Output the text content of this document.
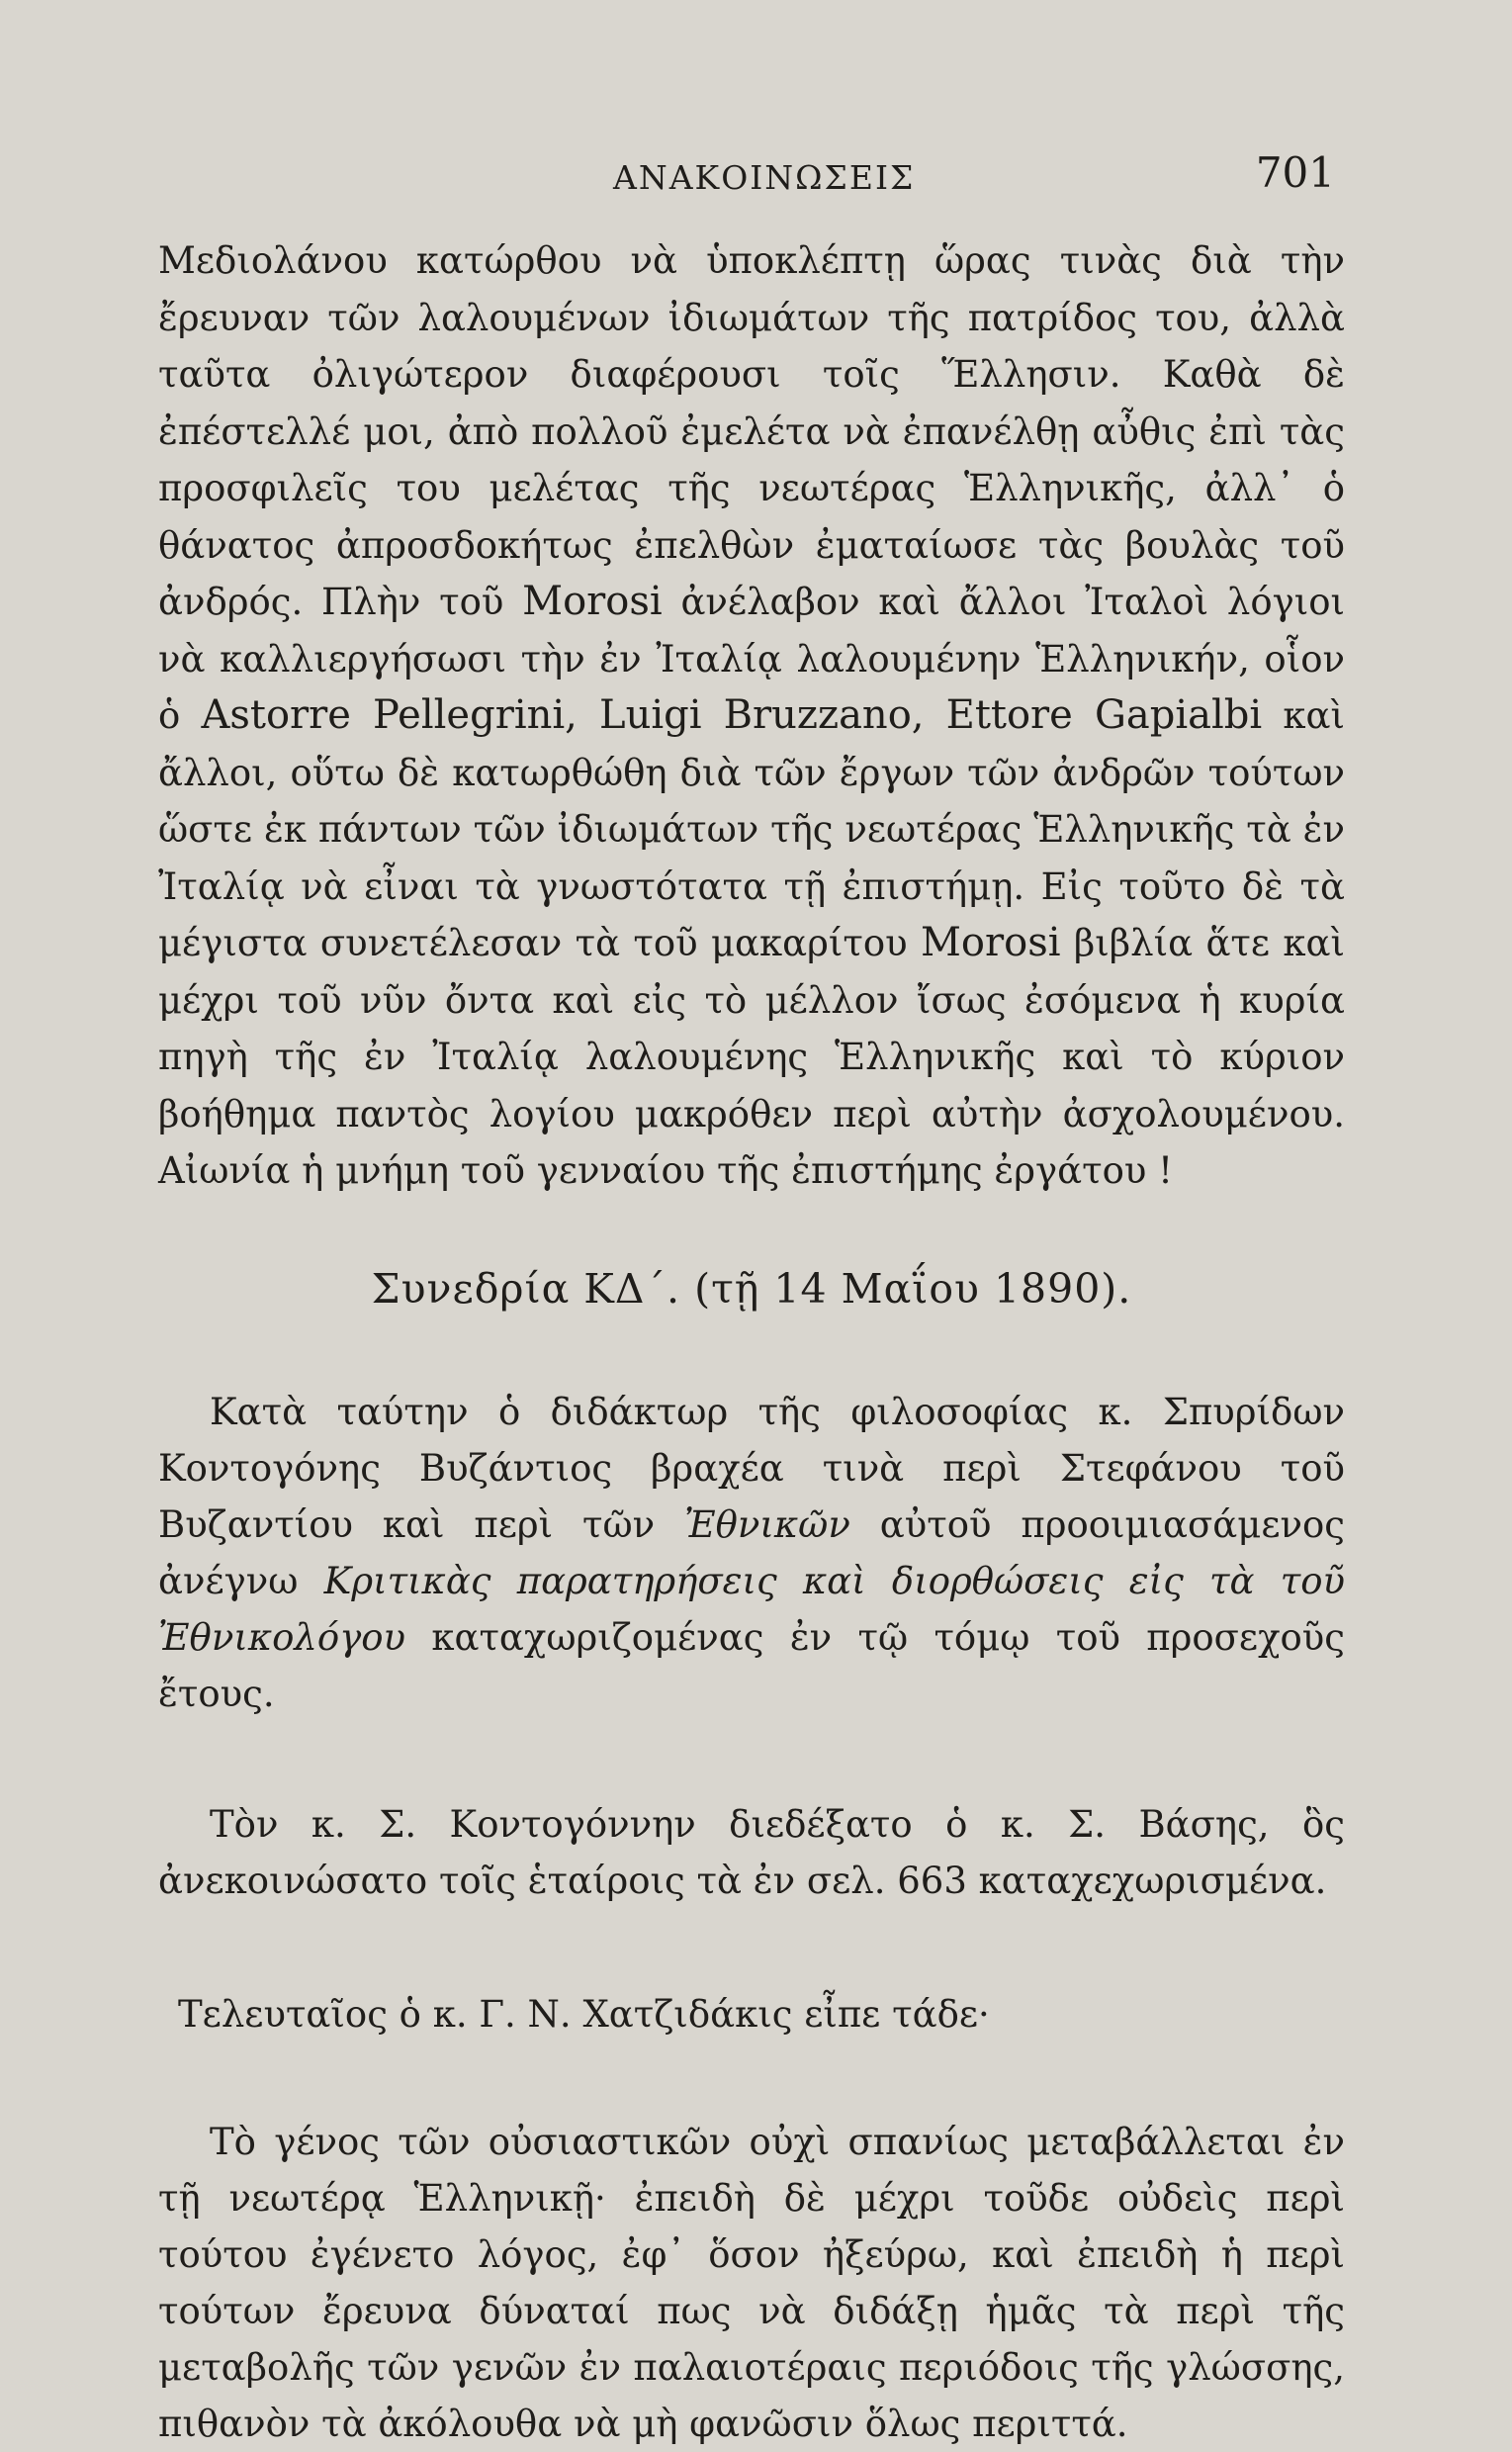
ΑΝΑΚΟΙΝΩΣΕΙΣ	701

Μεδιολάνου κατώρθου νὰ ὑποκλέπτῃ ὥρας τινὰς διὰ τὴν ἔρευναν τῶν λαλουμένων ἰδιωμάτων τῆς πατρίδος του, ἀλλὰ ταῦτα ὀλιγώτερον διαφέρουσι τοῖς Ἕλλησιν. Καθὰ δὲ ἐπέστελλέ μοι, ἀπὸ πολλοῦ ἐμελέτα νὰ ἐπανέλθῃ αὖθις ἐπὶ τὰς προσφιλεῖς του μελέτας τῆς νεωτέρας Ἑλληνικῆς, ἀλλ᾽ ὁ θάνατος ἀπροσδοκήτως ἐπελθὼν ἐματαίωσε τὰς βουλὰς τοῦ ἀνδρός. Πλὴν τοῦ Morosi ἀνέλαβον καὶ ἄλλοι Ἰταλοὶ λόγιοι νὰ καλλιεργήσωσι τὴν ἐν Ἰταλίᾳ λαλουμένην Ἑλληνικήν, οἷον ὁ Astorre Pellegrini, Luigi Bruzzano, Ettore Gapialbi καὶ ἄλλοι, οὕτω δὲ κατωρθώθη διὰ τῶν ἔργων τῶν ἀνδρῶν τούτων ὥστε ἐκ πάντων τῶν ἰδιωμάτων τῆς νεωτέρας Ἑλληνικῆς τὰ ἐν Ἰταλίᾳ νὰ εἶναι τὰ γνωστότατα τῇ ἐπιστήμῃ. Εἰς τοῦτο δὲ τὰ μέγιστα συνετέλεσαν τὰ τοῦ μακαρίτου Morosi βιβλία ἅτε καὶ μέχρι τοῦ νῦν ὄντα καὶ εἰς τὸ μέλλον ἴσως ἐσόμενα ἡ κυρία πηγὴ τῆς ἐν Ἰταλίᾳ λαλουμένης Ἑλληνικῆς καὶ τὸ κύριον βοήθημα παντὸς λογίου μακρόθεν περὶ αὐτὴν ἀσχολουμένου. Αἰωνία ἡ μνήμη τοῦ γενναίου τῆς ἐπιστήμης ἐργάτου !

Συνεδρία ΚΔ΄. (τῇ 14 Μαΐου 1890).

Κατὰ ταύτην ὁ διδάκτωρ τῆς φιλοσοφίας κ. Σπυρίδων Κοντογόνης Βυζάντιος βραχέα τινὰ περὶ Στεφάνου τοῦ Βυζαντίου καὶ περὶ τῶν Ἐθνικῶν αὐτοῦ προοιμιασάμενος ἀνέγνω Κριτικὰς παρατηρήσεις καὶ διορθώσεις εἰς τὰ τοῦ Ἐθνικολόγου καταχωριζομένας ἐν τῷ τόμῳ τοῦ προσεχοῦς ἔτους.

Τὸν κ. Σ. Κοντογόννην διεδέξατο ὁ κ. Σ. Βάσης, ὃς ἀνεκοινώσατο τοῖς ἑταίροις τὰ ἐν σελ. 663 καταχεχωρισμένα.

Τελευταῖος ὁ κ. Γ. Ν. Χατζιδάκις εἶπε τάδε·

Τὸ γένος τῶν οὐσιαστικῶν οὐχὶ σπανίως μεταβάλλεται ἐν τῇ νεωτέρᾳ Ἑλληνικῇ· ἐπειδὴ δὲ μέχρι τοῦδε οὐδεὶς περὶ τούτου ἐγένετο λόγος, ἐφ᾽ ὅσον ἠξεύρω, καὶ ἐπειδὴ ἡ περὶ τούτων ἔρευνα δύναταί πως νὰ διδάξῃ ἡμᾶς τὰ περὶ τῆς μεταβολῆς τῶν γενῶν ἐν παλαιοτέραις περιόδοις τῆς γλώσσης, πιθανὸν τὰ ἀκόλουθα νὰ μὴ φανῶσιν ὅλως περιττά.
